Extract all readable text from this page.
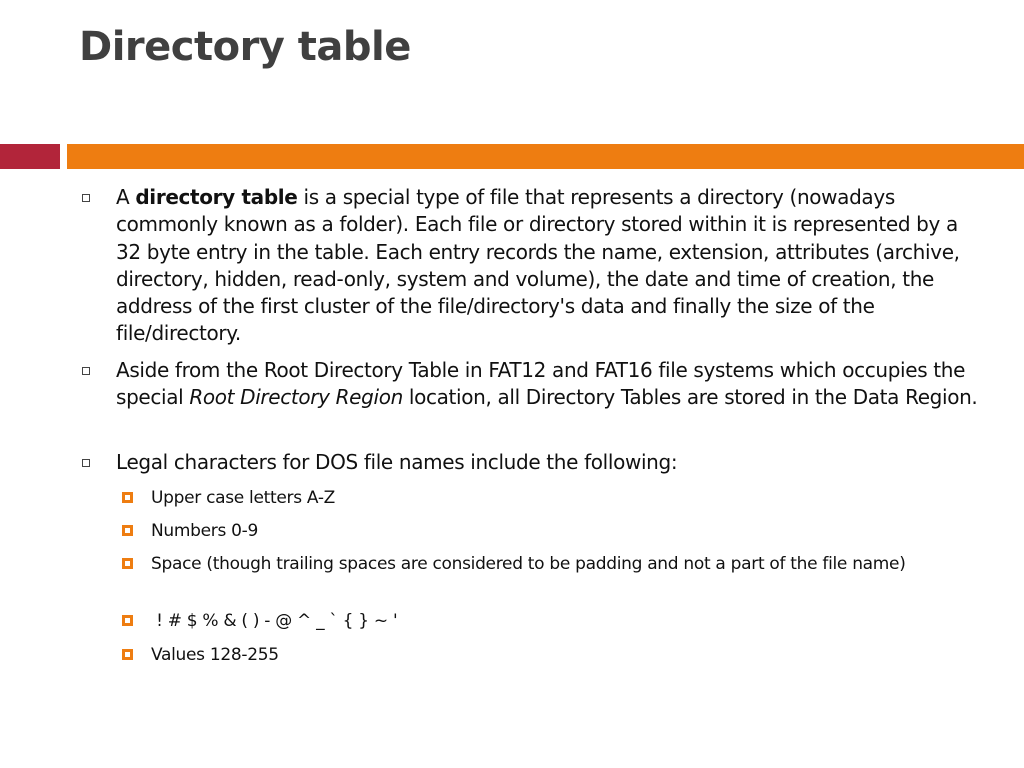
Directory table
A directory table is a special type of file that represents a directory (nowadays commonly known as a folder). Each file or directory stored within it is represented by a 32 byte entry in the table. Each entry records the name, extension, attributes (archive, directory, hidden, read-only, system and volume), the date and time of creation, the address of the first cluster of the file/directory's data and finally the size of the file/directory.
Aside from the Root Directory Table in FAT12 and FAT16 file systems which occupies the special Root Directory Region location, all Directory Tables are stored in the Data Region.
Legal characters for DOS file names include the following:
Upper case letters A-Z
Numbers 0-9
Space (though trailing spaces are considered to be padding and not a part of the file name)
! # $ % & ( ) - @ ^ _ ` { } ~ '
Values 128-255
